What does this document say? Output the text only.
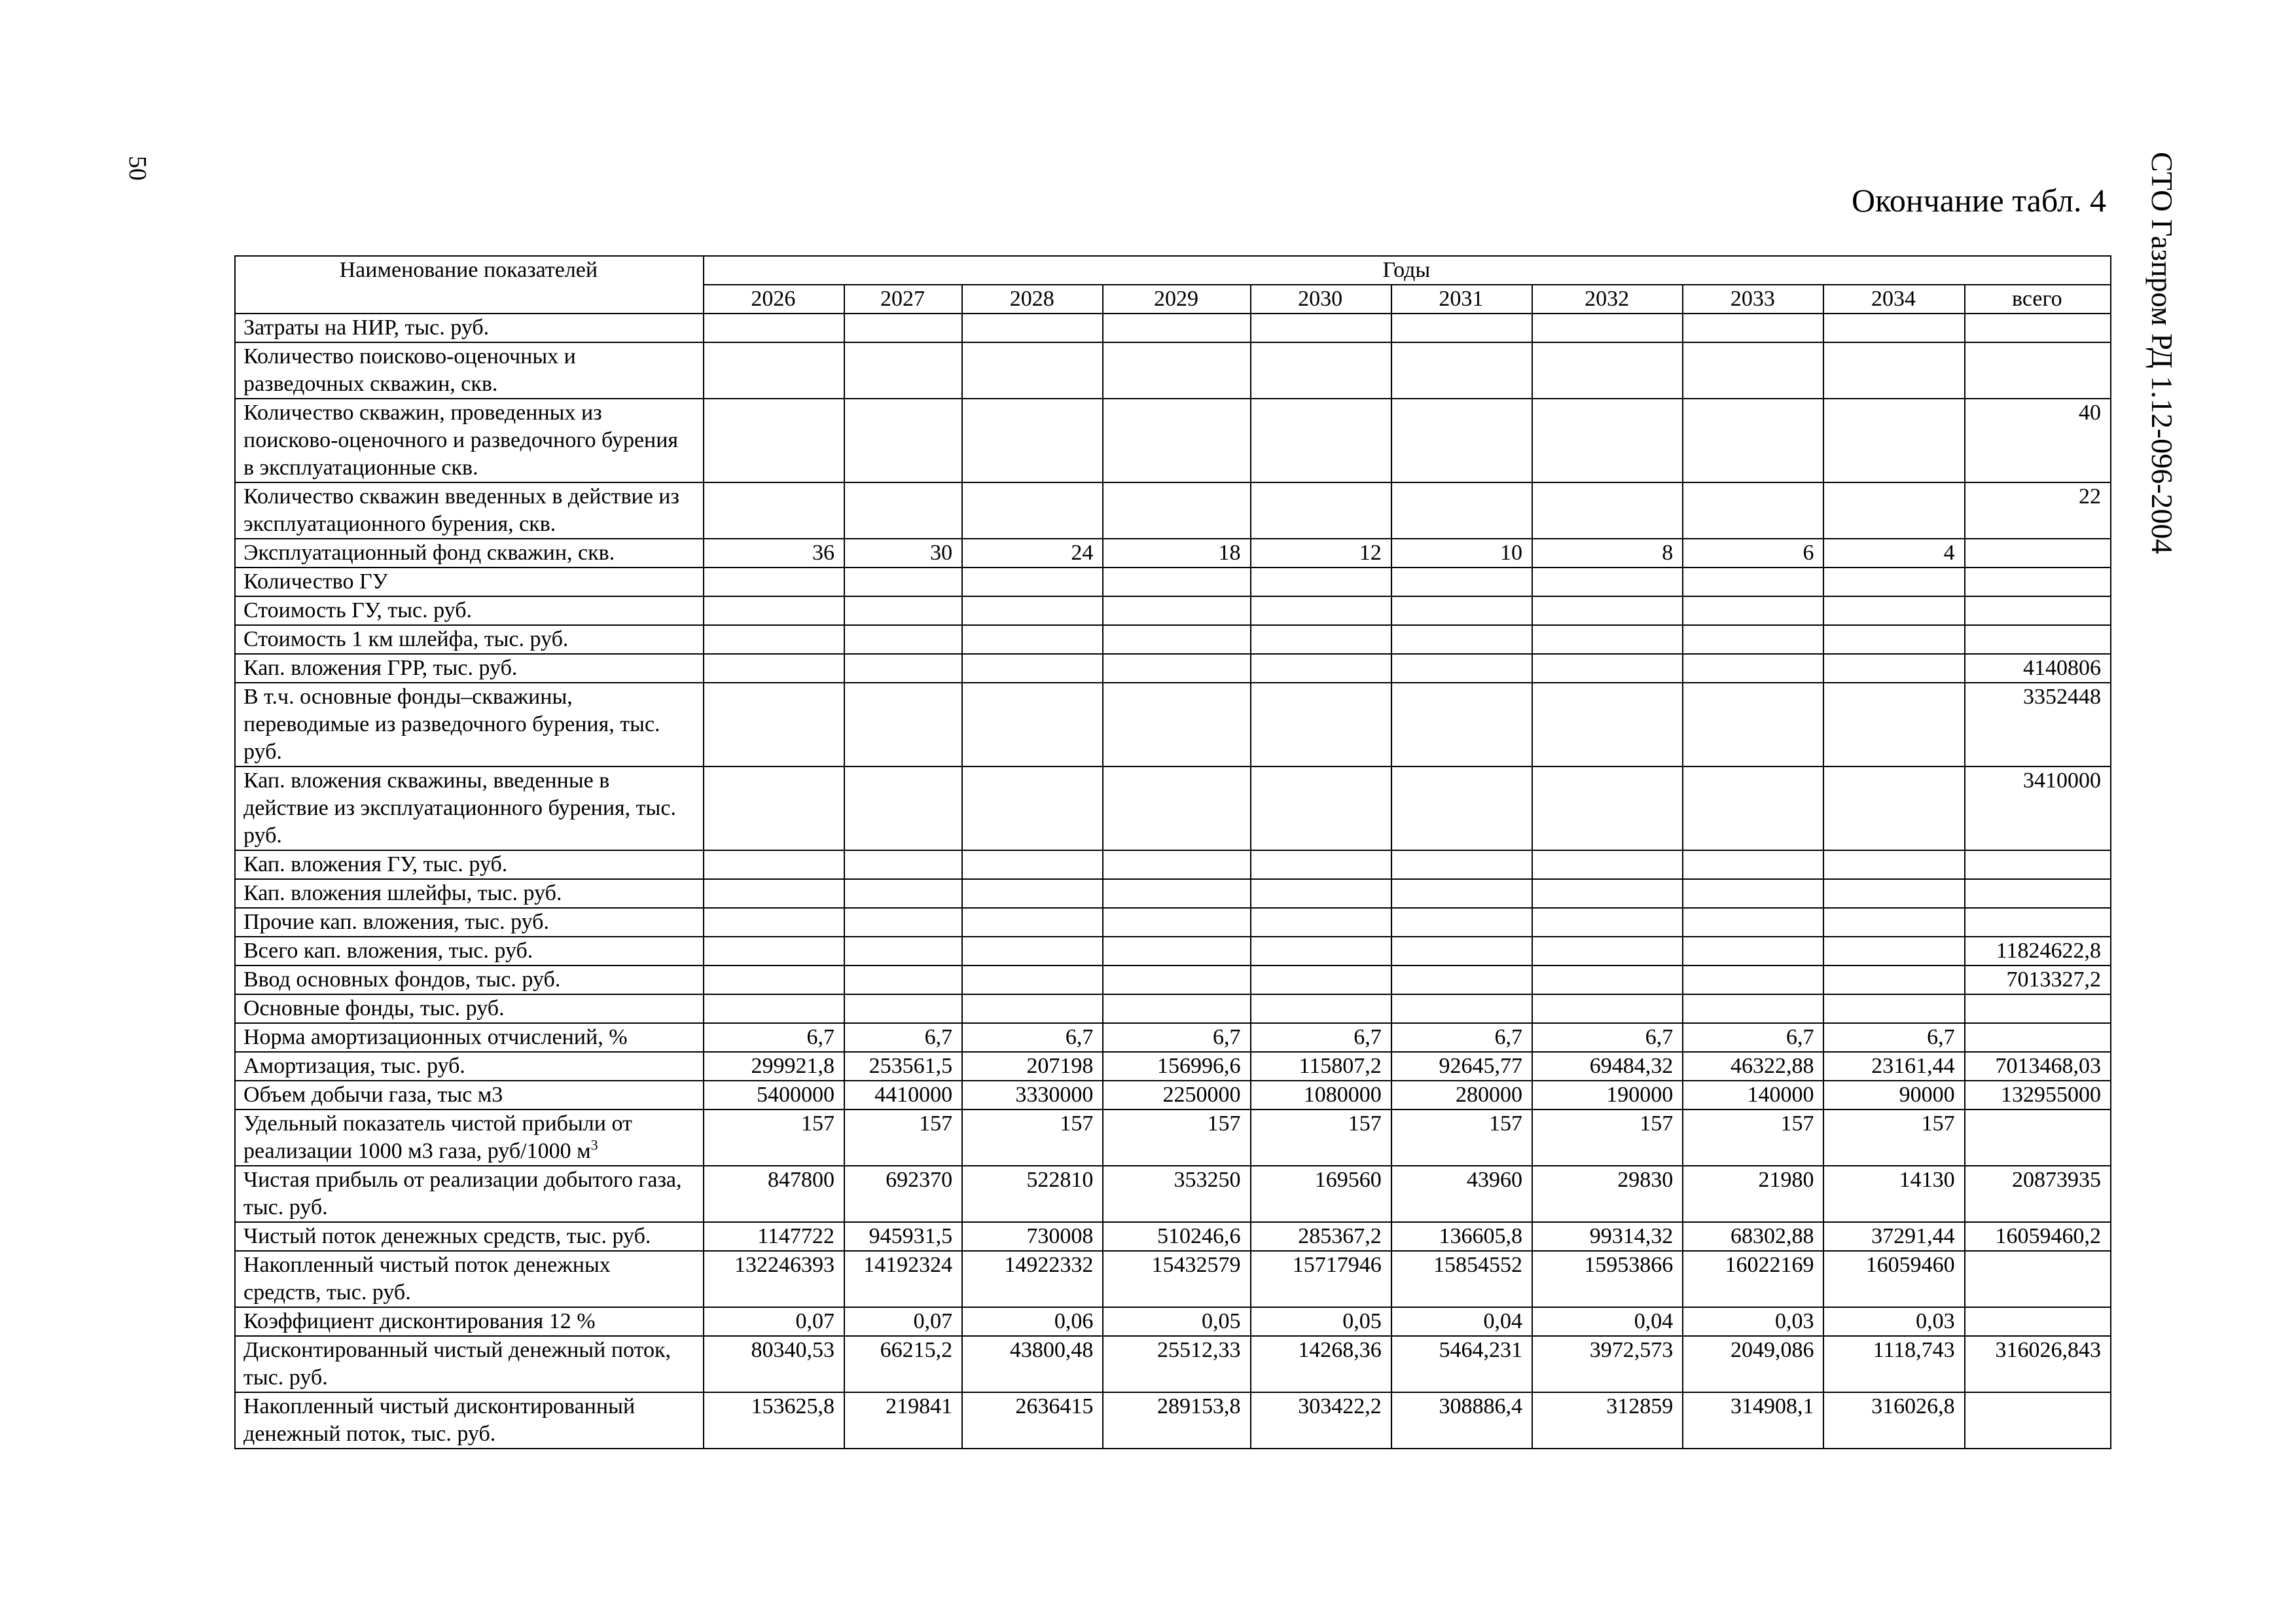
50	СТО Газпром РД 1.12-096-2004
Окончание табл. 4
Наименование показателей	Годы									
	2026	2027	2028	2029	2030	2031	2032	2033	2034	всего
Затраты на НИР, тыс. руб.										
Количество поисково-оценочных и разведочных скважин, скв.										
Количество скважин, проведенных из поисково-оценочного и разведочного бурения в эксплуатационные скв.										40
Количество скважин введенных в действие из эксплуатационного бурения, скв.										22
Эксплуатационный фонд скважин, скв.	36	30	24	18	12	10	8	6	4	
Количество ГУ										
Стоимость ГУ, тыс. руб.										
Стоимость 1 км шлейфа, тыс. руб.										
Кап. вложения ГРР, тыс. руб.										4140806
В т.ч. основные фонды–скважины, переводимые из разведочного бурения, тыс. руб.										3352448
Кап. вложения скважины, введенные в действие из эксплуатационного бурения, тыс. руб.										3410000
Кап. вложения ГУ, тыс. руб.										
Кап. вложения шлейфы, тыс. руб.										
Прочие кап. вложения, тыс. руб.										
Всего кап. вложения, тыс. руб.										11824622,8
Ввод основных фондов, тыс. руб.										7013327,2
Основные фонды, тыс. руб.										
Норма амортизационных отчислений, %	6,7	6,7	6,7	6,7	6,7	6,7	6,7	6,7	6,7	
Амортизация, тыс. руб.	299921,8	253561,5	207198	156996,6	115807,2	92645,77	69484,32	46322,88	23161,44	7013468,03
Объем добычи газа, тыс м3	5400000	4410000	3330000	2250000	1080000	280000	190000	140000	90000	132955000
Удельный показатель чистой прибыли от реализации 1000 м3 газа, руб/1000 $м^3$	157	157	157	157	157	157	157	157	157	
Чистая прибыль от реализации добытого газа, тыс. руб.	847800	692370	522810	353250	169560	43960	29830	21980	14130	20873935
Чистый поток денежных средств, тыс. руб.	1147722	945931,5	730008	510246,6	285367,2	136605,8	99314,32	68302,88	37291,44	16059460,2
Накопленный чистый поток денежных средств, тыс. руб.	132246393	14192324	14922332	15432579	15717946	15854552	15953866	16022169	16059460	
Коэффициент дисконтирования 12 %	0,07	0,07	0,06	0,05	0,05	0,04	0,04	0,03	0,03	
Дисконтированный чистый денежный поток, тыс. руб.	80340,53	66215,2	43800,48	25512,33	14268,36	5464,231	3972,573	2049,086	1118,743	316026,843
Накопленный чистый дисконтированный денежный поток, тыс. руб.	153625,8	219841	2636415	289153,8	303422,2	308886,4	312859	314908,1	316026,8	
